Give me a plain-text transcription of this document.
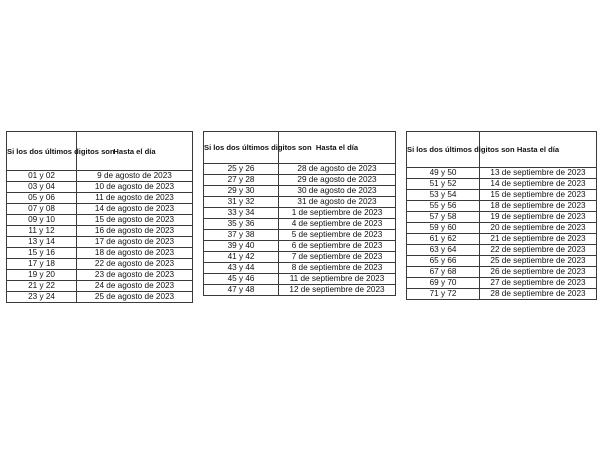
Si los dos últimos digitos son	Hasta el día
01 y 02	9 de agosto de 2023
03 y 04	10 de agosto de 2023
05 y 06	11 de agosto de 2023
07 y 08	14 de agosto de 2023
09 y 10	15 de agosto de 2023
11 y 12	16 de agosto de 2023
13 y 14	17 de agosto de 2023
15 y 16	18 de agosto de 2023
17 y 18	22 de agosto de 2023
19 y 20	23 de agosto de 2023
21 y 22	24 de agosto de 2023
23 y 24	25 de agosto de 2023
Si los dos últimos digitos son	Hasta el día
25 y 26	28 de agosto de 2023
27 y 28	29 de agosto de 2023
29 y 30	30 de agosto de 2023
31 y 32	31 de agosto de 2023
33 y 34	1 de septiembre de 2023
35 y 36	4 de septiembre de 2023
37 y 38	5 de septiembre de 2023
39 y 40	6 de septiembre de 2023
41 y 42	7 de septiembre de 2023
43 y 44	8 de septiembre de 2023
45 y 46	11 de septiembre de 2023
47 y 48	12 de septiembre de 2023
Si los dos últimos digitos son	Hasta el día
49 y 50	13 de septiembre de 2023
51 y 52	14 de septiembre de 2023
53 y 54	15 de septiembre de 2023
55 y 56	18 de septiembre de 2023
57 y 58	19 de septiembre de 2023
59 y 60	20 de septiembre de 2023
61 y 62	21 de septiembre de 2023
63 y 64	22 de septiembre de 2023
65 y 66	25 de septiembre de 2023
67 y 68	26 de septiembre de 2023
69 y 70	27 de septiembre de 2023
71 y 72	28 de septiembre de 2023
